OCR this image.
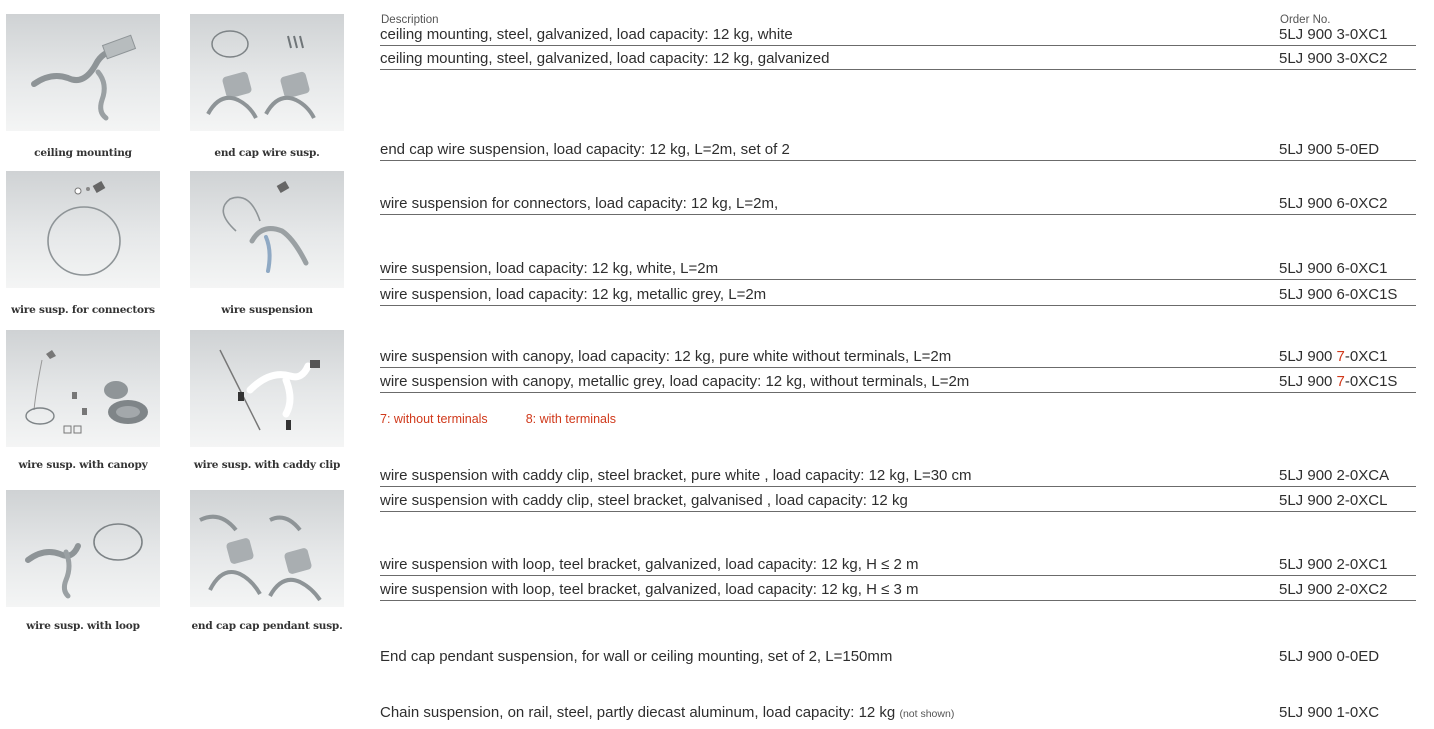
ceiling mounting	end cap wire susp.
wire susp. for connectors	wire suspension
wire susp. with canopy	wire susp. with caddy clip
wire susp. with loop	end cap cap pendant susp.
Description	Order No.
ceiling mounting, steel, galvanized, load capacity: 12 kg, white	5LJ 900 3-0XC1
ceiling mounting, steel, galvanized, load capacity: 12 kg, galvanized	5LJ 900 3-0XC2
end cap wire suspension, load capacity: 12 kg, L=2m, set of 2	5LJ 900 5-0ED
wire suspension for connectors, load capacity: 12 kg, L=2m,	5LJ 900 6-0XC2
wire suspension, load capacity: 12 kg, white, L=2m	5LJ 900 6-0XC1
wire suspension, load capacity: 12 kg, metallic grey, L=2m	5LJ 900 6-0XC1S
wire suspension with canopy, load capacity: 12 kg, pure white without terminals, L=2m	5LJ 900 7-0XC1
wire suspension with canopy, metallic grey, load capacity: 12 kg, without terminals, L=2m	5LJ 900 7-0XC1S
7: without terminals	8: with terminals
wire suspension with caddy clip, steel bracket, pure white , load capacity: 12 kg, L=30 cm	5LJ 900 2-0XCA
wire suspension with caddy clip, steel bracket, galvanised , load capacity: 12 kg	5LJ 900 2-0XCL
wire suspension with loop, teel bracket, galvanized, load capacity: 12 kg, H ≤ 2 m	5LJ 900 2-0XC1
wire suspension with loop, teel bracket, galvanized, load capacity: 12 kg, H ≤ 3 m	5LJ 900 2-0XC2
End cap pendant suspension, for wall or ceiling mounting, set of 2, L=150mm	5LJ 900 0-0ED
Chain suspension, on rail, steel, partly diecast aluminum, load capacity: 12 kg (not shown)	5LJ 900 1-0XC
